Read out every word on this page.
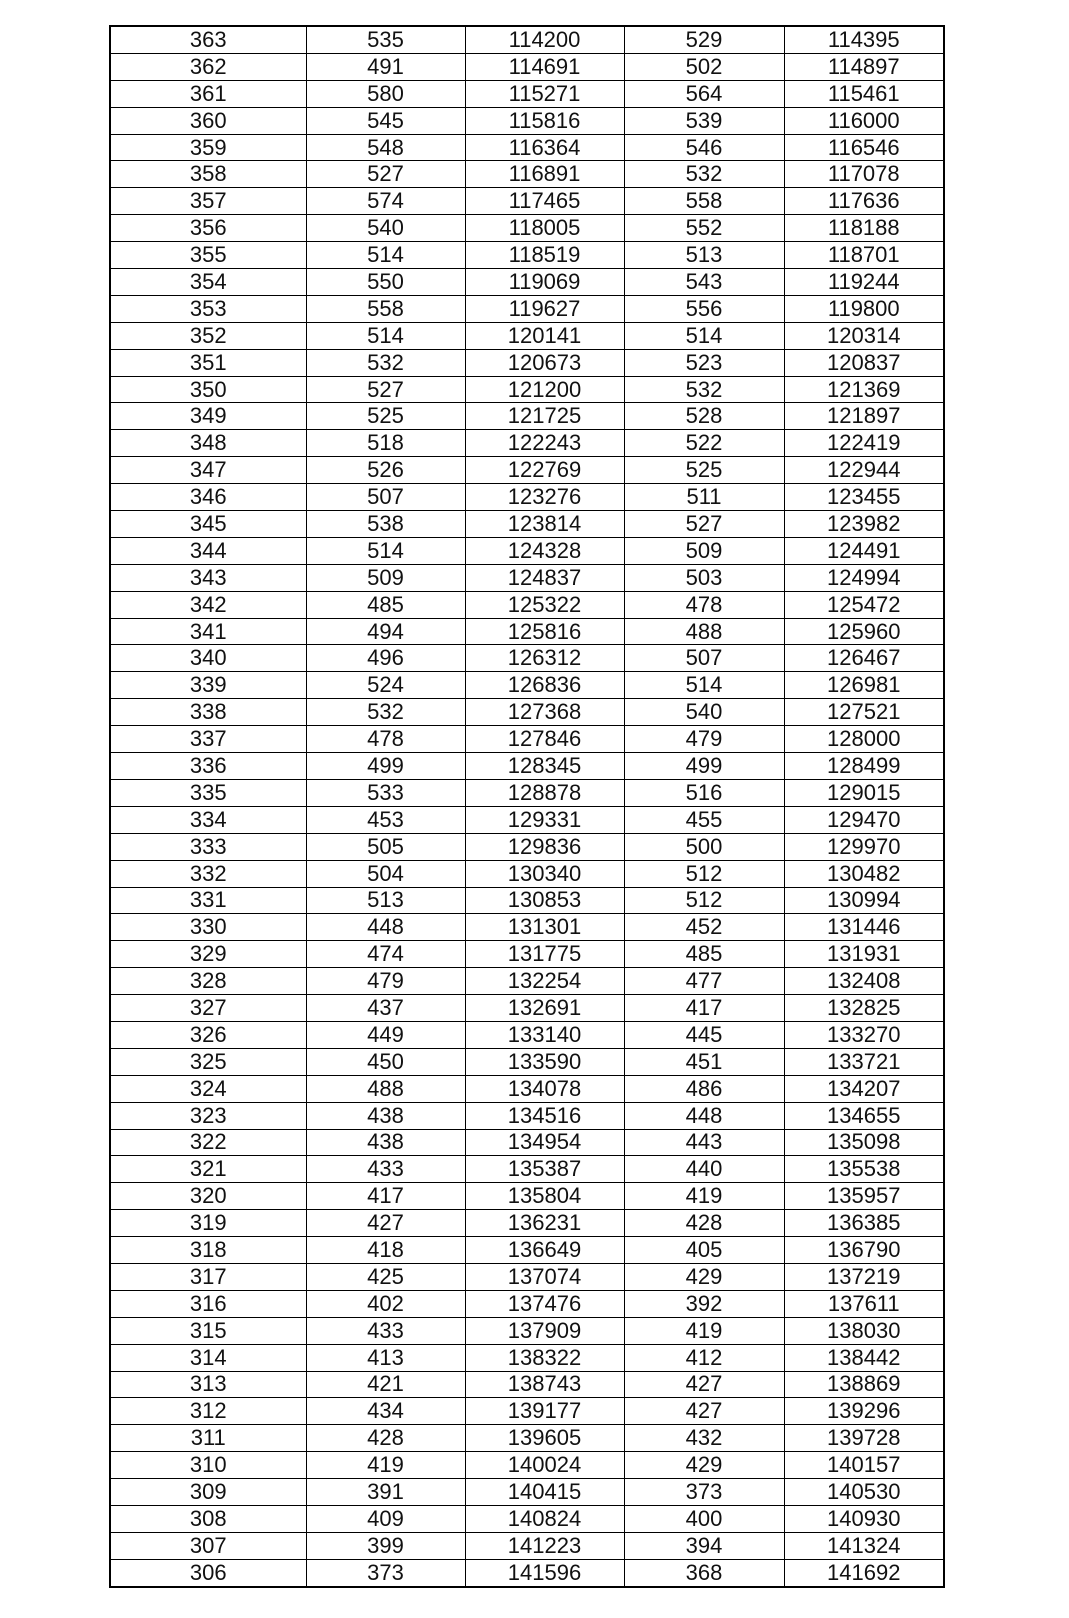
363	535	114200	529	114395
362	491	114691	502	114897
361	580	115271	564	115461
360	545	115816	539	116000
359	548	116364	546	116546
358	527	116891	532	117078
357	574	117465	558	117636
356	540	118005	552	118188
355	514	118519	513	118701
354	550	119069	543	119244
353	558	119627	556	119800
352	514	120141	514	120314
351	532	120673	523	120837
350	527	121200	532	121369
349	525	121725	528	121897
348	518	122243	522	122419
347	526	122769	525	122944
346	507	123276	511	123455
345	538	123814	527	123982
344	514	124328	509	124491
343	509	124837	503	124994
342	485	125322	478	125472
341	494	125816	488	125960
340	496	126312	507	126467
339	524	126836	514	126981
338	532	127368	540	127521
337	478	127846	479	128000
336	499	128345	499	128499
335	533	128878	516	129015
334	453	129331	455	129470
333	505	129836	500	129970
332	504	130340	512	130482
331	513	130853	512	130994
330	448	131301	452	131446
329	474	131775	485	131931
328	479	132254	477	132408
327	437	132691	417	132825
326	449	133140	445	133270
325	450	133590	451	133721
324	488	134078	486	134207
323	438	134516	448	134655
322	438	134954	443	135098
321	433	135387	440	135538
320	417	135804	419	135957
319	427	136231	428	136385
318	418	136649	405	136790
317	425	137074	429	137219
316	402	137476	392	137611
315	433	137909	419	138030
314	413	138322	412	138442
313	421	138743	427	138869
312	434	139177	427	139296
311	428	139605	432	139728
310	419	140024	429	140157
309	391	140415	373	140530
308	409	140824	400	140930
307	399	141223	394	141324
306	373	141596	368	141692
